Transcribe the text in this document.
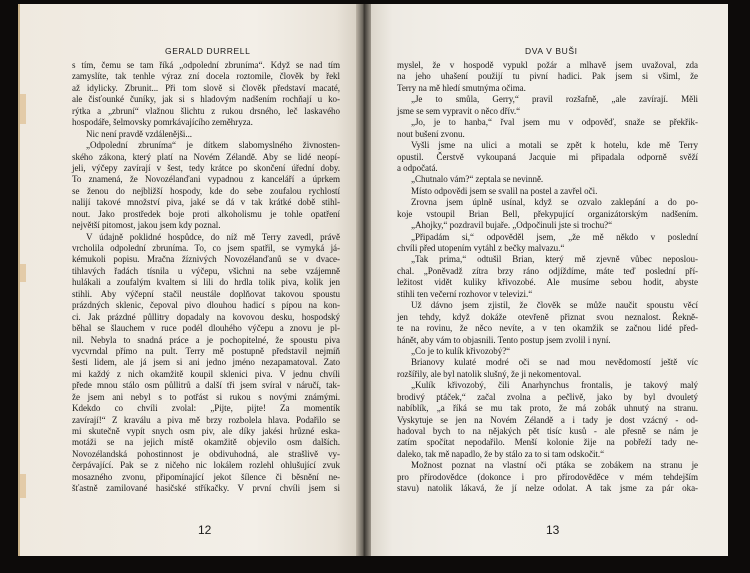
GERALD DURRELL
s tím, čemu se tam říká „odpolední zbruníma“. Když se nad tím
zamyslíte, tak tenhle výraz zní docela roztomile, člověk by řekl
až idylicky. Zbrunit... Při tom slově si člověk představí macaté,
ale čisťounké čuníky, jak si s hladovým nadšením rochňají u ko-
rýtka a „zbruní“ vlažnou šlichtu z rukou drsného, leč laskavého
hospodáře, šelmovsky pomrkávajícího zeměhryza.
Nic není pravdě vzdálenějši...
„Odpolední zbruníma“ je dítkem slabomyslného živnosten-
ského zákona, který platí na Novém Zélandě. Aby se lidé neopí-
jeli, výčepy zavírají v šest, tedy krátce po skončení úřední doby.
To znamená, že Novozélanďani vypadnou z kanceláří a úprkem
se ženou do nejbližší hospody, kde do sebe zoufalou rychlostí
nalijí takové množství piva, jaké se dá v tak krátké době stihl-
nout. Jako prostředek boje proti alkoholismu je tohle opatření
největší pitomost, jakou jsem kdy poznal.
V údajně poklidné hospůdce, do níž mě Terry zavedl, právě
vrcholila odpolední zbruníma. To, co jsem spatřil, se vymyká já-
kémukoli popisu. Mračna žíznivých Novozélanďanů se v dvace-
tihlavých řadách tísnila u výčepu, všichni na sebe vzájemně
hulákali a zoufalým kvaltem si lili do hrdla tolik piva, kolik jen
stihli. Aby výčepní stačil neustále doplňovat takovou spoustu
prázdných sklenic, čepoval pivo dlouhou hadicí s pípou na kon-
ci. Jak prázdné půllitry dopadaly na kovovou desku, hospodský
běhal se šlauchem v ruce podél dlouhého výčepu a znovu je pl-
nil. Nebyla to snadná práce a je pochopitelné, že spoustu piva
vycvrndal přímo na pult. Terry mě postupně představil nejmíň
šesti lidem, ale já jsem si ani jedno jméno nezapamatoval. Zato
mi každý z nich okamžitě koupil sklenici piva. V jednu chvíli
přede mnou stálo osm půllitrů a další tři jsem svíral v náručí, tak-
že jsem ani nebyl s to potřást si rukou s novými známými.
Kdekdo co chvíli zvolal: „Pijte, pijte! Za momentík
zavírají!“ Z kraválu a piva mě brzy rozbolela hlava. Podařilo se
mi skutečně vypít snych osm piv, ale díky jakési hrůzné eska-
motáži se na jejich místě okamžitě objevilo osm dalších.
Novozélandská pohostinnost je obdivuhodná, ale strašlivě vy-
čerpávající. Pak se z ničeho nic lokálem rozlehl ohlušující zvuk
mosazného zvonu, připomínající jekot šílence či běsnění ne-
šťastně zamilované hasičské stříkačky. V první chvíli jsem si
12
DVA V BUŠI
myslel, že v hospodě vypukl požár a mlhavě jsem uvažoval, zda
na jeho uhašení použijí tu pivní hadici. Pak jsem si všiml, že
Terry na mě hledí smutnýma očima.
„Je to smůla, Gerry,“ pravil rozšafně, „ale zavírají. Měli
jsme se sem vypravit o něco dřív.“
„Jo, je to hanba,“ řval jsem mu v odpověď, snaže se překřik-
nout bušení zvonu.
Vyšli jsme na ulici a motali se zpět k hotelu, kde mě Terry
opustil. Čerstvě vykoupaná Jacquie mi připadala odporně svěží
a odpočatá.
„Chutnalo vám?“ zeptala se nevinně.
Místo odpovědi jsem se svalil na postel a zavřel oči.
Zrovna jsem úplně usínal, když se ozvalo zaklepání a do po-
koje vstoupil Brian Bell, překypující organizátorským nadšením.
„Ahojky,“ pozdravil bujaře. „Odpočinuli jste si trochu?“
„Připadám si,“ odpověděl jsem, „že mě někdo v poslední
chvíli před utopením vytáhl z bečky malvazu.“
„Tak prima,“ odtušil Brian, který mě zjevně vůbec neposlou-
chal. „Poněvadž zítra brzy ráno odjíždíme, máte teď poslední pří-
ležitost vidět kuliky křivozobé. Ale musíme sebou hodit, abyste
stihli ten večerní rozhovor v televizi.“
Už dávno jsem zjistil, že člověk se může naučit spoustu věcí
jen tehdy, když dokáže otevřeně přiznat svou neznalost. Řekně-
te na rovinu, že něco nevíte, a v ten okamžik se začnou lidé před-
hánět, aby vám to objasnili. Tento postup jsem zvolil i nyní.
„Co je to kulík křivozobý?“
Brianovy kulaté modré oči se nad mou nevědomostí ještě víc
rozšířily, ale byl natolik slušný, že ji nekomentoval.
„Kulík křivozobý, čili Anarhynchus frontalis, je takový malý
brodivý ptáček,“ začal zvolna a pečlivě, jako by byl dvouletý
nabíblík, „a říká se mu tak proto, že má zobák uhnutý na stranu.
Vyskytuje se jen na Novém Zélandě a i tady je dost vzácný - od-
hadoval bych to na nějakých pět tisíc kusů - ale přesně se nám je
zatím spočítat nepodařilo. Menší kolonie žije na pobřeží tady ne-
daleko, tak mě napadlo, že by stálo za to si tam odskočit.“
Možnost poznat na vlastní oči ptáka se zobákem na stranu je
pro přírodovědce (dokonce i pro přírodověděce v mém tehdejším
stavu) natolik lákavá, že jí nelze odolat. A tak jsme za pár oka-
13
